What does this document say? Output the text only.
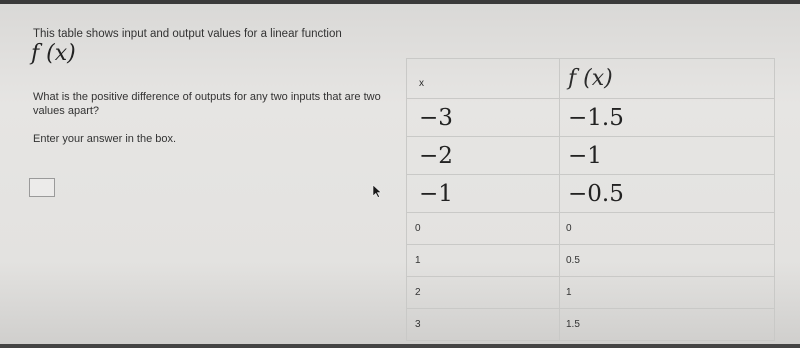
This table shows input and output values for a linear function
f (x)
What is the positive difference of outputs for any two inputs that are two values apart?
Enter your answer in the box.
x	f (x)
−3	−1.5
−2	−1
−1	−0.5
0	0
1	0.5
2	1
3	1.5
